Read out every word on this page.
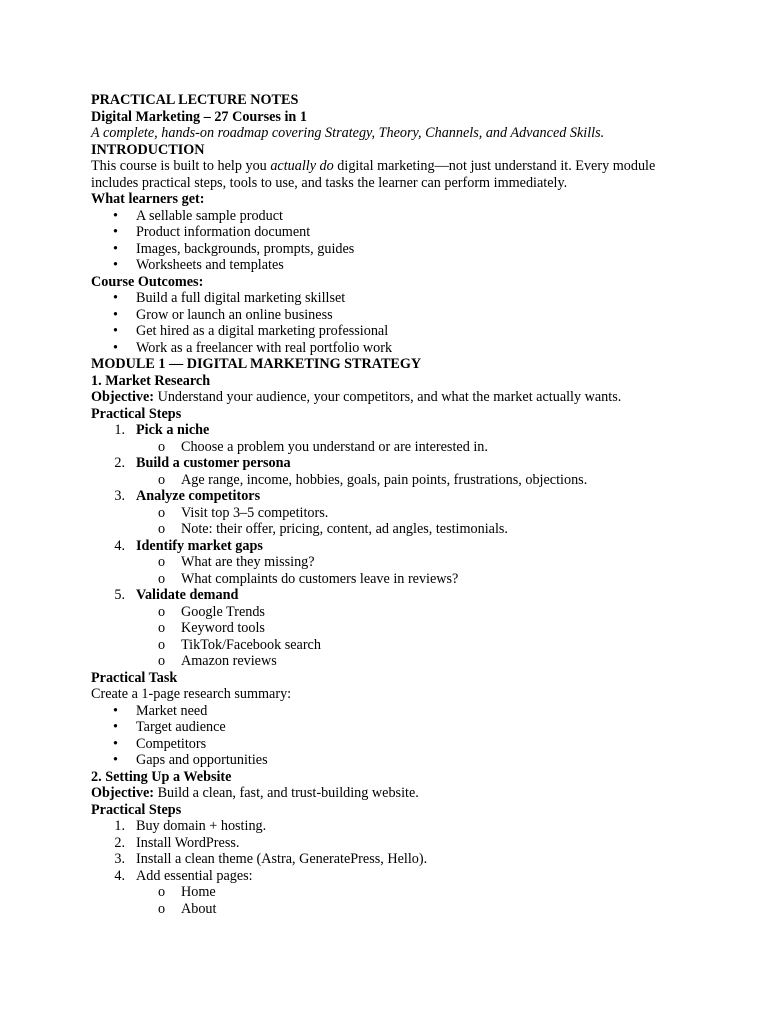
PRACTICAL LECTURE NOTES
Digital Marketing – 27 Courses in 1
A complete, hands-on roadmap covering Strategy, Theory, Channels, and Advanced Skills.
INTRODUCTION
This course is built to help you actually do digital marketing—not just understand it. Every module
includes practical steps, tools to use, and tasks the learner can perform immediately.
What learners get:
• A sellable sample product
• Product information document
• Images, backgrounds, prompts, guides
• Worksheets and templates
Course Outcomes:
• Build a full digital marketing skillset
• Grow or launch an online business
• Get hired as a digital marketing professional
• Work as a freelancer with real portfolio work
MODULE 1 — DIGITAL MARKETING STRATEGY
1. Market Research
Objective: Understand your audience, your competitors, and what the market actually wants.
Practical Steps
1. Pick a niche
o Choose a problem you understand or are interested in.
2. Build a customer persona
o Age range, income, hobbies, goals, pain points, frustrations, objections.
3. Analyze competitors
o Visit top 3–5 competitors.
o Note: their offer, pricing, content, ad angles, testimonials.
4. Identify market gaps
o What are they missing?
o What complaints do customers leave in reviews?
5. Validate demand
o Google Trends
o Keyword tools
o TikTok/Facebook search
o Amazon reviews
Practical Task
Create a 1-page research summary:
• Market need
• Target audience
• Competitors
• Gaps and opportunities
2. Setting Up a Website
Objective: Build a clean, fast, and trust-building website.
Practical Steps
1. Buy domain + hosting.
2. Install WordPress.
3. Install a clean theme (Astra, GeneratePress, Hello).
4. Add essential pages:
o Home
o About
